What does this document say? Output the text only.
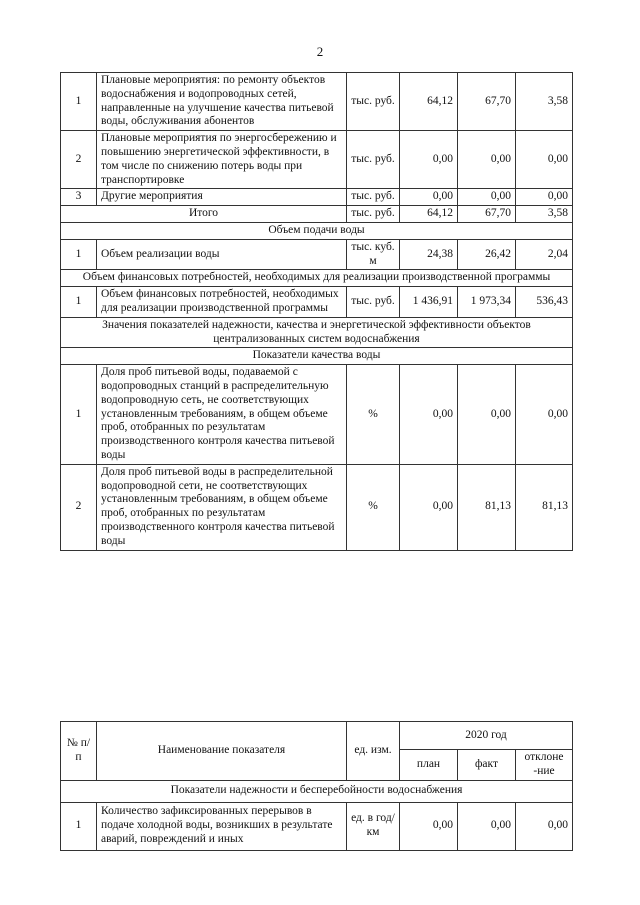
2
1	Плановые мероприятия: по ремонту объектов водоснабжения и водопроводных сетей, направленные на улучшение качества питьевой воды, обслуживания абонентов	тыс. руб.	64,12	67,70	3,58
2	Плановые мероприятия по энергосбережению и повышению энергетической эффективности, в том числе по снижению потерь воды при транспортировке	тыс. руб.	0,00	0,00	0,00
3	Другие мероприятия	тыс. руб.	0,00	0,00	0,00
Итого		тыс. руб.	64,12	67,70	3,58
Объем подачи воды					
1	Объем реализации воды	тыс. куб. м	24,38	26,42	2,04
Объем финансовых потребностей, необходимых для реализации производственной программы					
1	Объем финансовых потребностей, необходимых для реализации производственной программы	тыс. руб.	1 436,91	1 973,34	536,43
Значения показателей надежности, качества и энергетической эффективности объектов централизованных систем водоснабжения					
Показатели качества воды					
1	Доля проб питьевой воды, подаваемой с водопроводных станций в распределительную водопроводную сеть, не соответствующих установленным требованиям, в общем объеме проб, отобранных по результатам производственного контроля качества питьевой воды	%	0,00	0,00	0,00
2	Доля проб питьевой воды в распределительной водопроводной сети, не соответствующих установленным требованиям, в общем объеме проб, отобранных по результатам производственного контроля качества питьевой воды	%	0,00	81,13	81,13
№ п/п	Наименование показателя	ед. изм.	2020 год		
			план	факт	отклоне -ние
Показатели надежности и бесперебойности водоснабжения					
1	Количество зафиксированных перерывов в подаче холодной воды, возникших в результате аварий, повреждений и иных	ед. в год/ км	0,00	0,00	0,00
